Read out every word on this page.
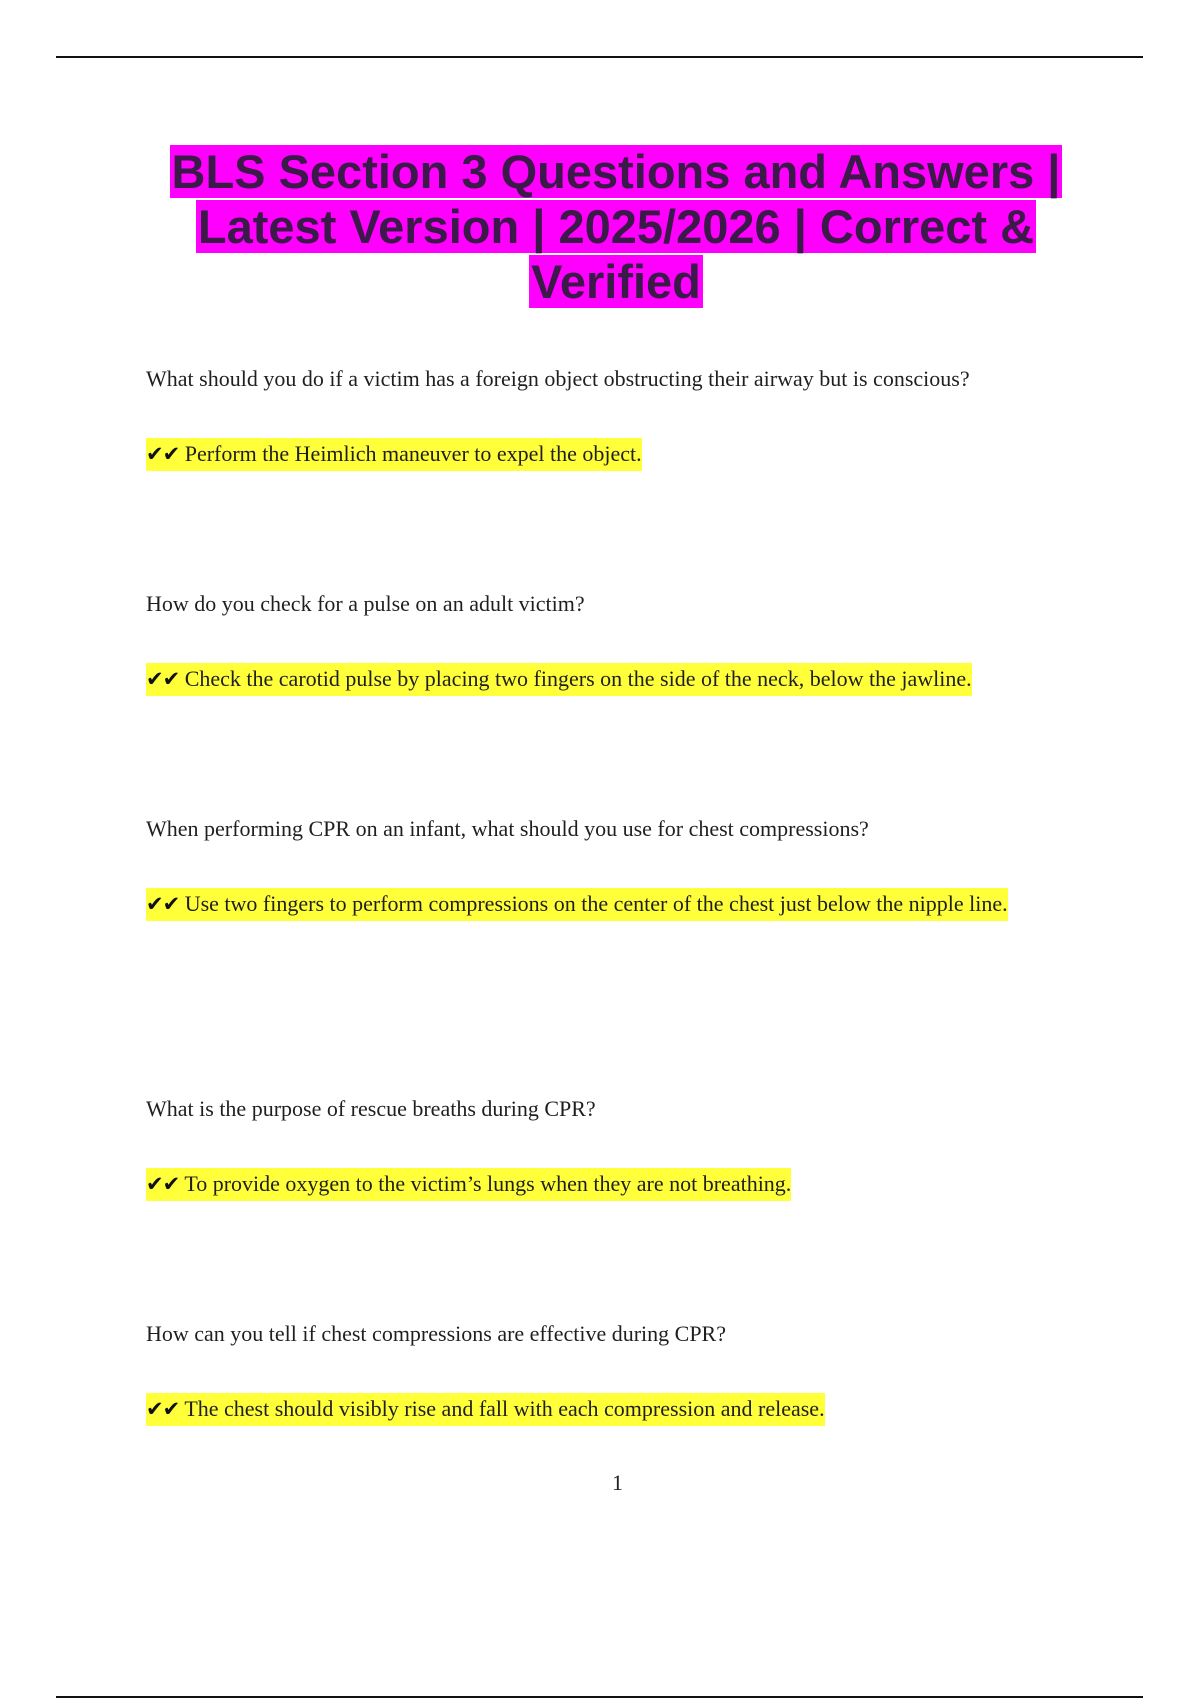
BLS Section 3 Questions and Answers | Latest Version | 2025/2026 | Correct & Verified

What should you do if a victim has a foreign object obstructing their airway but is conscious?

✔✔ Perform the Heimlich maneuver to expel the object.

How do you check for a pulse on an adult victim?

✔✔ Check the carotid pulse by placing two fingers on the side of the neck, below the jawline.

When performing CPR on an infant, what should you use for chest compressions?

✔✔ Use two fingers to perform compressions on the center of the chest just below the nipple line.

What is the purpose of rescue breaths during CPR?

✔✔ To provide oxygen to the victim’s lungs when they are not breathing.

How can you tell if chest compressions are effective during CPR?

✔✔ The chest should visibly rise and fall with each compression and release.

1
